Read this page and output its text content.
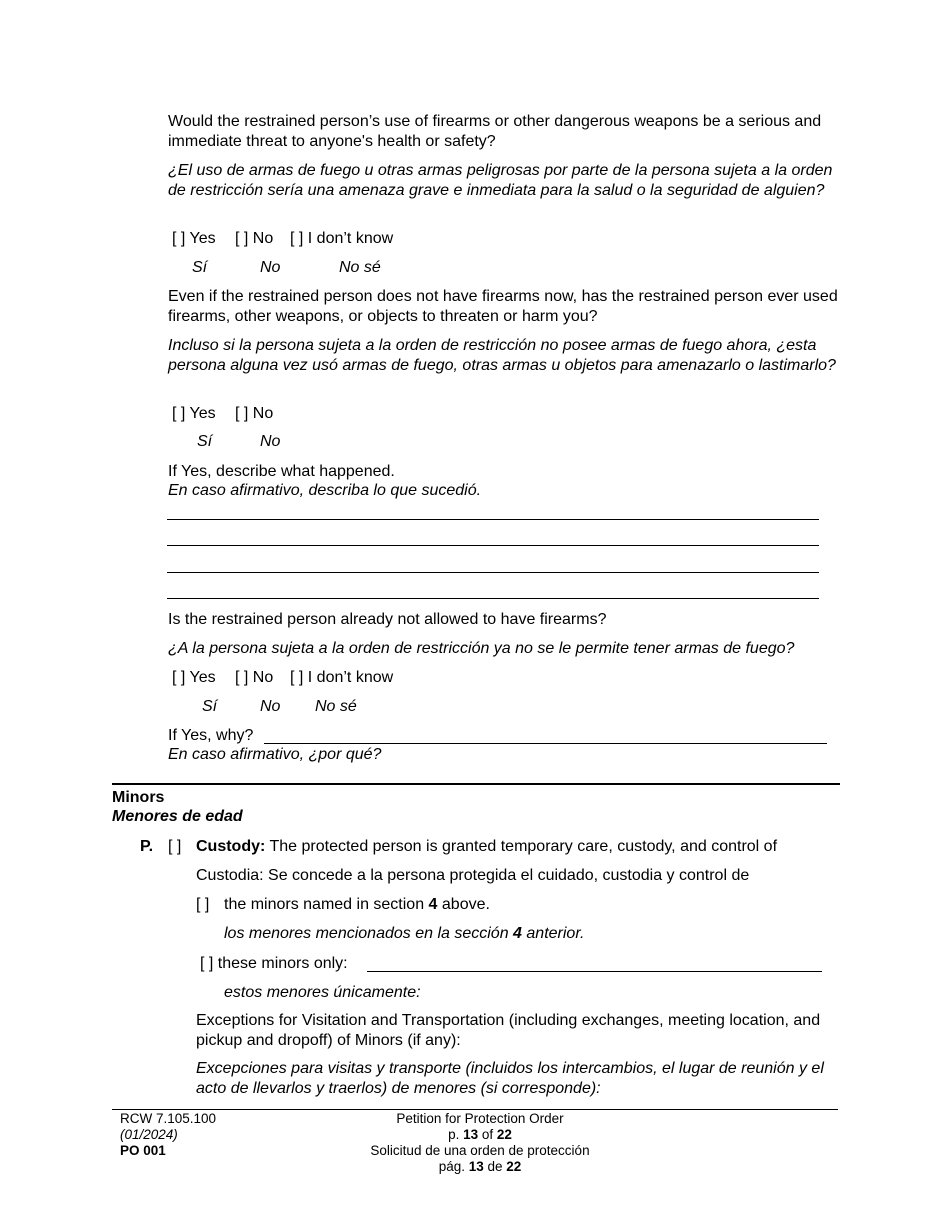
Would the restrained person’s use of firearms or other dangerous weapons be a serious and immediate threat to anyone's health or safety?
¿El uso de armas de fuego u otras armas peligrosas por parte de la persona sujeta a la orden de restricción sería una amenaza grave e inmediata para la salud o la seguridad de alguien?
[ ] Yes [ ] No [ ] I don’t know
Sí	No	No sé
Even if the restrained person does not have firearms now, has the restrained person ever used firearms, other weapons, or objects to threaten or harm you?
Incluso si la persona sujeta a la orden de restricción no posee armas de fuego ahora, ¿esta persona alguna vez usó armas de fuego, otras armas u objetos para amenazarlo o lastimarlo?
[ ] Yes [ ] No
Sí	No
If Yes, describe what happened.
En caso afirmativo, describa lo que sucedió.
Is the restrained person already not allowed to have firearms?
¿A la persona sujeta a la orden de restricción ya no se le permite tener armas de fuego?
[ ] Yes [ ] No [ ] I don’t know
Sí	No No sé
If Yes, why?
En caso afirmativo, ¿por qué?
Minors
Menores de edad
P. [ ] Custody: The protected person is granted temporary care, custody, and control of
Custodia: Se concede a la persona protegida el cuidado, custodia y control de
[ ] the minors named in section 4 above.
los menores mencionados en la sección 4 anterior.
[ ] these minors only:
estos menores únicamente:
Exceptions for Visitation and Transportation (including exchanges, meeting location, and pickup and dropoff) of Minors (if any):
Excepciones para visitas y transporte (incluidos los intercambios, el lugar de reunión y el acto de llevarlos y traerlos) de menores (si corresponde):
RCW 7.105.100
(01/2024)
PO 001
Petition for Protection Order
p. 13 of 22
Solicitud de una orden de protección
pág. 13 de 22
